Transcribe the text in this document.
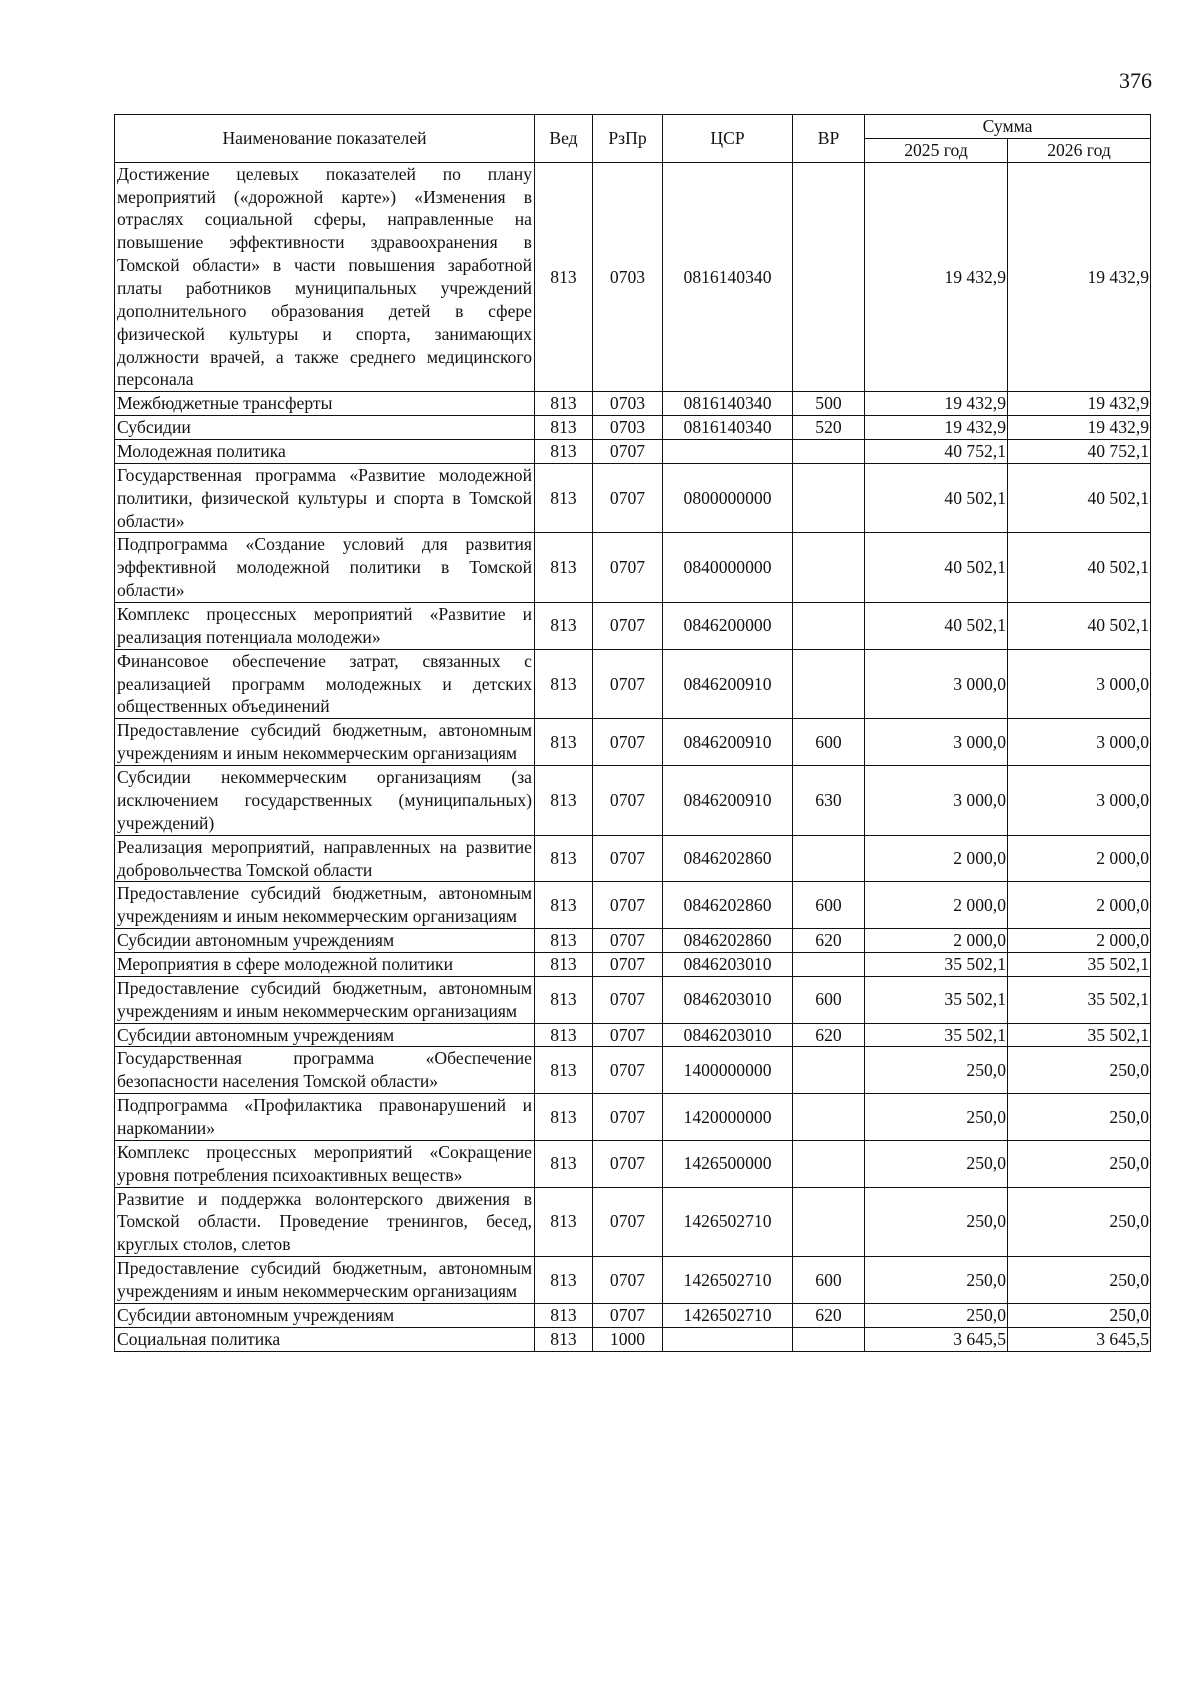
376
Наименование показателей	Вед	РзПр	ЦСР	ВР	Сумма	
					2025 год	2026 год
Достижение целевых показателей по плану мероприятий («дорожной карте») «Изменения в отраслях социальной сферы, направленные на повышение эффективности здравоохранения в Томской области» в части повышения заработной платы работников муниципальных учреждений дополнительного образования детей в сфере физической культуры и спорта, занимающих должности врачей, а также среднего медицинского персонала	813	0703	0816140340		19 432,9	19 432,9
Межбюджетные трансферты	813	0703	0816140340	500	19 432,9	19 432,9
Субсидии	813	0703	0816140340	520	19 432,9	19 432,9
Молодежная политика	813	0707			40 752,1	40 752,1
Государственная программа «Развитие молодежной политики, физической культуры и спорта в Томской области»	813	0707	0800000000		40 502,1	40 502,1
Подпрограмма «Создание условий для развития эффективной молодежной политики в Томской области»	813	0707	0840000000		40 502,1	40 502,1
Комплекс процессных мероприятий «Развитие и реализация потенциала молодежи»	813	0707	0846200000		40 502,1	40 502,1
Финансовое обеспечение затрат, связанных с реализацией программ молодежных и детских общественных объединений	813	0707	0846200910		3 000,0	3 000,0
Предоставление субсидий бюджетным, автономным учреждениям и иным некоммерческим организациям	813	0707	0846200910	600	3 000,0	3 000,0
Субсидии некоммерческим организациям (за исключением государственных (муниципальных) учреждений)	813	0707	0846200910	630	3 000,0	3 000,0
Реализация мероприятий, направленных на развитие добровольчества Томской области	813	0707	0846202860		2 000,0	2 000,0
Предоставление субсидий бюджетным, автономным учреждениям и иным некоммерческим организациям	813	0707	0846202860	600	2 000,0	2 000,0
Субсидии автономным учреждениям	813	0707	0846202860	620	2 000,0	2 000,0
Мероприятия в сфере молодежной политики	813	0707	0846203010		35 502,1	35 502,1
Предоставление субсидий бюджетным, автономным учреждениям и иным некоммерческим организациям	813	0707	0846203010	600	35 502,1	35 502,1
Субсидии автономным учреждениям	813	0707	0846203010	620	35 502,1	35 502,1
Государственная программа «Обеспечение безопасности населения Томской области»	813	0707	1400000000		250,0	250,0
Подпрограмма «Профилактика правонарушений и наркомании»	813	0707	1420000000		250,0	250,0
Комплекс процессных мероприятий «Сокращение уровня потребления психоактивных веществ»	813	0707	1426500000		250,0	250,0
Развитие и поддержка волонтерского движения в Томской области. Проведение тренингов, бесед, круглых столов, слетов	813	0707	1426502710		250,0	250,0
Предоставление субсидий бюджетным, автономным учреждениям и иным некоммерческим организациям	813	0707	1426502710	600	250,0	250,0
Субсидии автономным учреждениям	813	0707	1426502710	620	250,0	250,0
Социальная политика	813	1000			3 645,5	3 645,5
